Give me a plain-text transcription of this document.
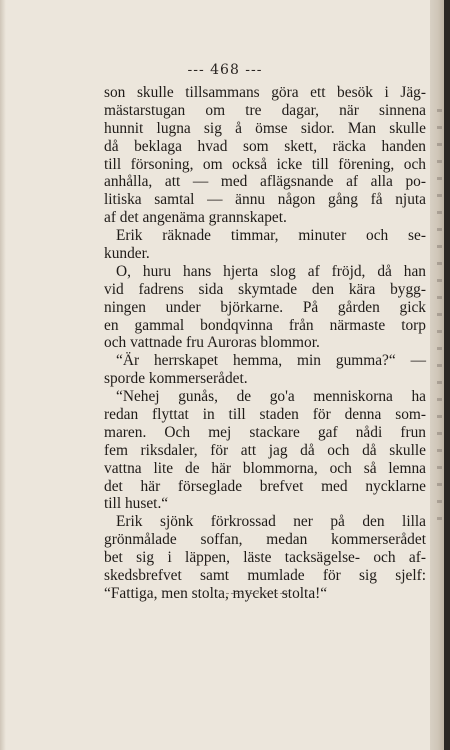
--- 468 ---
son skulle tillsammans göra ett besök i Jäg-
mästarstugan om tre dagar, när sinnena
hunnit lugna sig å ömse sidor. Man skulle
då beklaga hvad som skett, räcka handen
till försoning, om också icke till förening, och
anhålla, att — med aflägsnande af alla po-
litiska samtal — ännu någon gång få njuta
af det angenäma grannskapet.
Erik räknade timmar, minuter och se-
kunder.
O, huru hans hjerta slog af fröjd, då han
vid fadrens sida skymtade den kära bygg-
ningen under björkarne. På gården gick
en gammal bondqvinna från närmaste torp
och vattnade fru Auroras blommor.
“Är herrskapet hemma, min gumma?“ —
sporde kommerserådet.
“Nehej gunås, de go'a menniskorna ha
redan flyttat in till staden för denna som-
maren. Och mej stackare gaf nådi frun
fem riksdaler, för att jag då och då skulle
vattna lite de här blommorna, och så lemna
det här förseglade brefvet med nycklarne
till huset.“
Erik sjönk förkrossad ner på den lilla
grönmålade soffan, medan kommerserådet
bet sig i läppen, läste tacksägelse- och af-
skedsbrefvet samt mumlade för sig sjelf:
“Fattiga, men stolta, mycket stolta!“
